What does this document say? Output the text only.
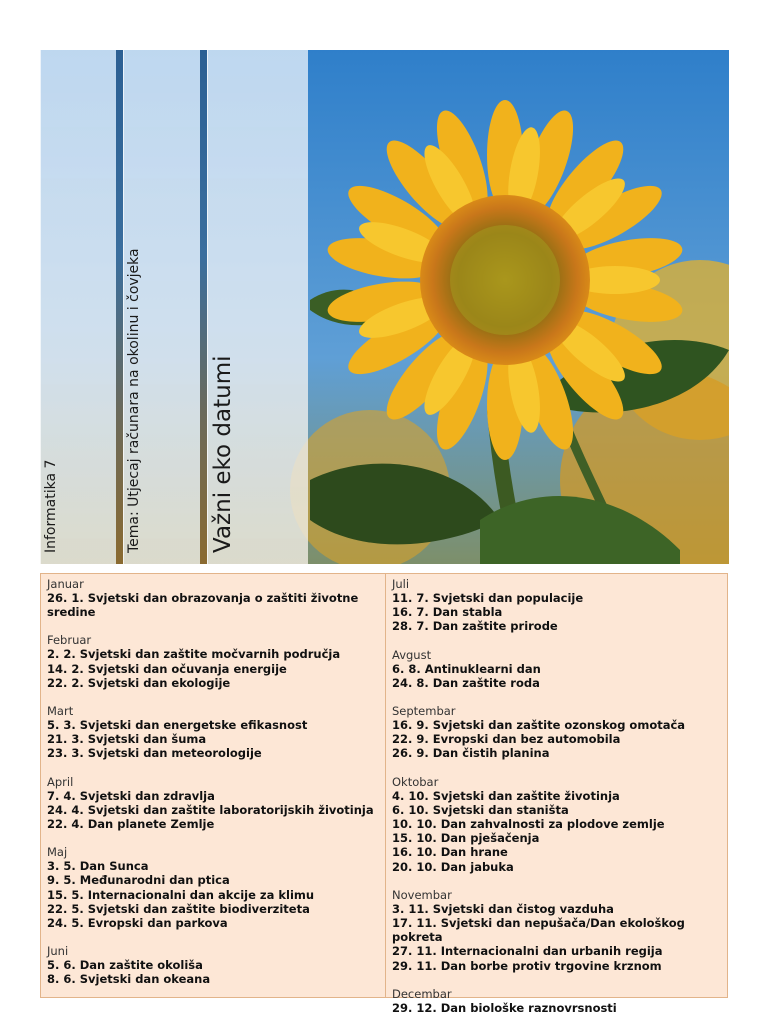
Informatika 7	Tema: Utjecaj računara na okolinu i čovjeka	Važni eko datumi
Januar
26. 1. Svjetski dan obrazovanja o zaštiti životne sredine
Februar
2. 2. Svjetski dan zaštite močvarnih područja
14. 2. Svjetski dan očuvanja energije
22. 2. Svjetski dan ekologije
Mart
5. 3. Svjetski dan energetske efikasnost
21. 3. Svjetski dan šuma
23. 3. Svjetski dan meteorologije
April
7. 4. Svjetski dan zdravlja
24. 4. Svjetski dan zaštite laboratorijskih životinja
22. 4. Dan planete Zemlje
Maj
3. 5. Dan Sunca
9. 5. Međunarodni dan ptica
15. 5. Internacionalni dan akcije za klimu
22. 5. Svjetski dan zaštite biodiverziteta
24. 5. Evropski dan parkova
Juni
5. 6. Dan zaštite okoliša
8. 6. Svjetski dan okeana
Juli
11. 7. Svjetski dan populacije
16. 7. Dan stabla
28. 7. Dan zaštite prirode
Avgust
6. 8. Antinuklearni dan
24. 8. Dan zaštite roda
Septembar
16. 9. Svjetski dan zaštite ozonskog omotača
22. 9. Evropski dan bez automobila
26. 9. Dan čistih planina
Oktobar
4. 10. Svjetski dan zaštite životinja
6. 10. Svjetski dan staništa
10. 10. Dan zahvalnosti za plodove zemlje
15. 10. Dan pješačenja
16. 10. Dan hrane
20. 10. Dan jabuka
Novembar
3. 11. Svjetski dan čistog vazduha
17. 11. Svjetski dan nepušača/Dan ekološkog pokreta
27. 11. Internacionalni dan urbanih regija
29. 11. Dan borbe protiv trgovine krznom
Decembar
29. 12. Dan biološke raznovrsnosti
